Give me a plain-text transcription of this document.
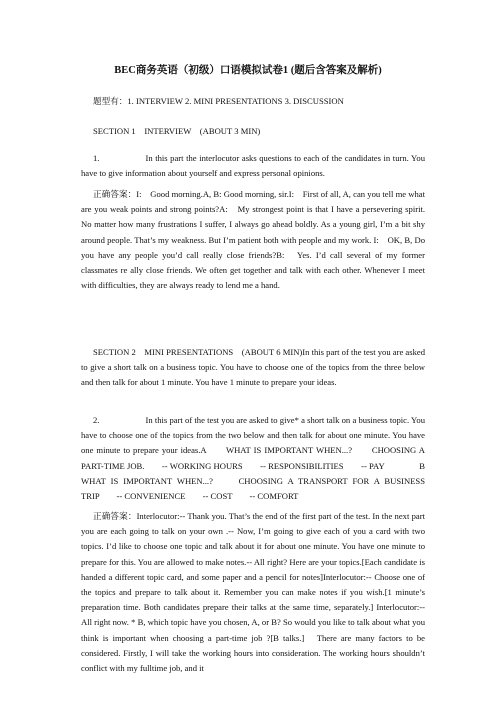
BEC商务英语（初级）口语模拟试卷1 (题后含答案及解析)
题型有：1. INTERVIEW 2. MINI PRESENTATIONS 3. DISCUSSION
SECTION 1　INTERVIEW　(ABOUT 3 MIN)
1.	In this part the interlocutor asks questions to each of the candidates in turn. You have to give information about yourself and express personal opinions.
正确答案：I:　Good morning.A, B: Good morning, sir.I:　First of all, A, can you tell me what are you weak points and strong points?A:　My strongest point is that I have a persevering spirit. No matter how many frustrations I suffer, I always go ahead boldly. As a young girl, I’m a bit shy around people. That’s my weakness. But I’m patient both with people and my work. I:　OK, B, Do you have any people you’d call really close friends?B:　Yes. I’d call several of my former classmates re ally close friends. We often get together and talk with each other. Whenever I meet with difficulties, they are always ready to lend me a hand.
SECTION 2　MINI PRESENTATIONS　(ABOUT 6 MIN)In this part of the test you are asked to give a short talk on a business topic. You have to choose one of the topics from the three below and then talk for about 1 minute. You have 1 minute to prepare your ideas.
2.	In this part of the test you are asked to give* a short talk on a business topic. You have to choose one of the topics from the two below and then talk for about one minute. You have one minute to prepare your ideas.A　　WHAT IS IMPORTANT WHEN...?　　CHOOSING A PART-TIME JOB.　　-- WORKING HOURS　　-- RESPONSIBILITIES　　-- PAY　　　　B　　WHAT IS IMPORTANT WHEN...?　　CHOOSING A TRANSPORT FOR A BUSINESS TRIP　　-- CONVENIENCE　　-- COST　　-- COMFORT
正确答案：Interlocutor:-- Thank you. That’s the end of the first part of the test. In the next part you are each going to talk on your own .-- Now, I’m going to give each of you a card with two topics. I’d like to choose one topic and talk about it for about one minute. You have one minute to prepare for this. You are allowed to make notes.-- All right? Here are your topics.[Each candidate is handed a different topic card, and some paper and a pencil for notes]Interlocutor:-- Choose one of the topics and prepare to talk about it. Remember you can make notes if you wish.[1 minute’s preparation time. Both candidates prepare their talks at the same time, separately.] Interlocutor:-- All right now. * B, which topic have you chosen, A, or B? So would you like to talk about what you think is important when choosing a part-time job ?[B talks.]　There are many factors to be considered. Firstly, I will take the working hours into consideration. The working hours shouldn’t conflict with my fulltime job, and it
